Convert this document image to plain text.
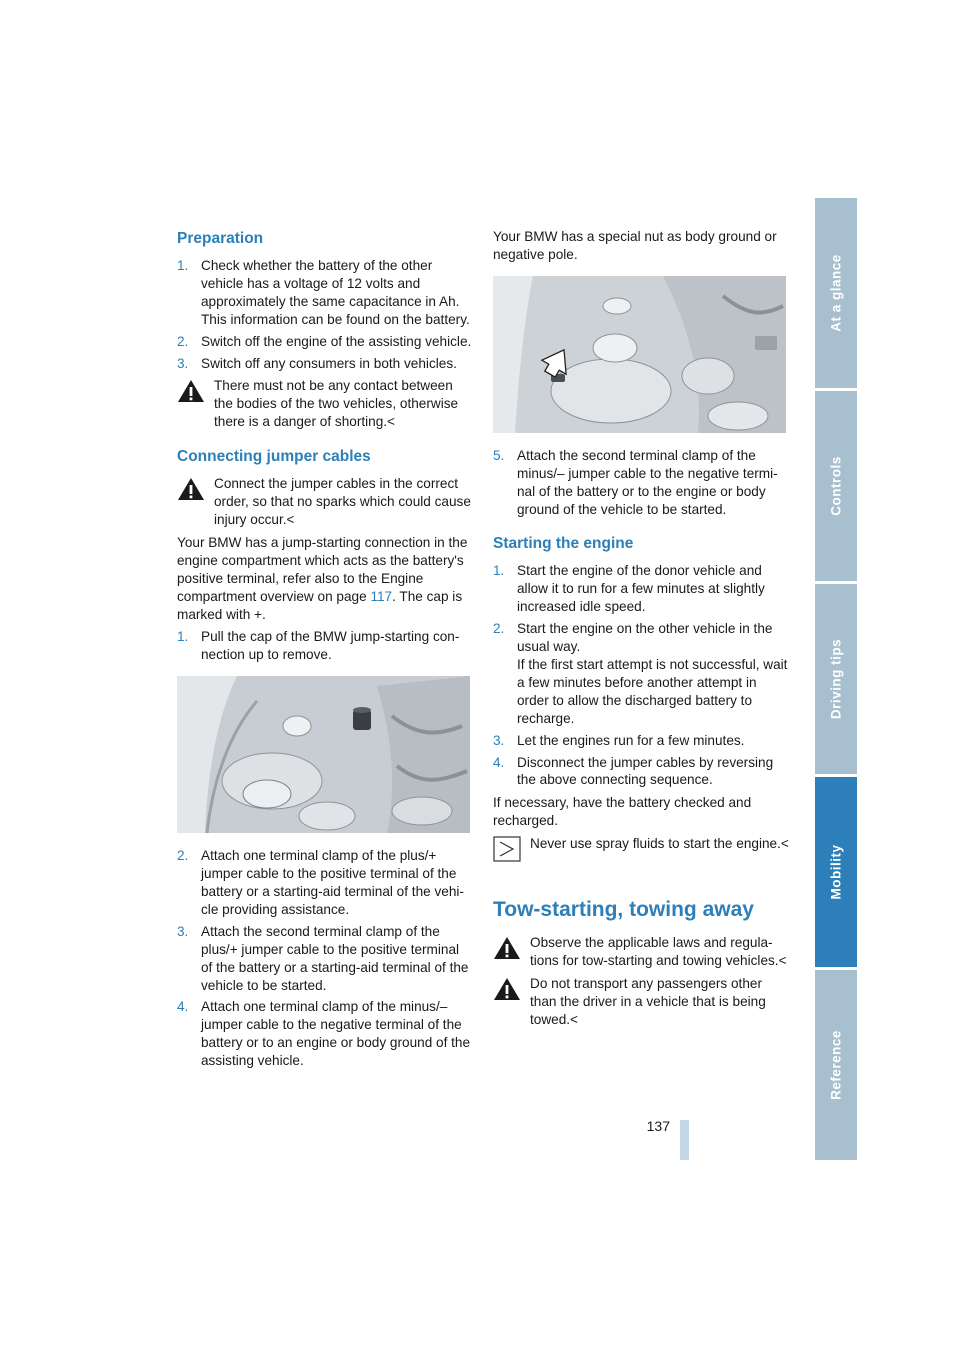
Preparation
1. Check whether the battery of the other vehicle has a voltage of 12 volts and approximately the same capacitance in Ah. This information can be found on the battery.
2. Switch off the engine of the assisting vehicle.
3. Switch off any consumers in both vehicles.
There must not be any contact between the bodies of the two vehicles, otherwise there is a danger of shorting.<
Connecting jumper cables
Connect the jumper cables in the correct order, so that no sparks which could cause injury occur.<

Your BMW has a jump-starting connection in the engine compartment which acts as the battery's positive terminal, refer also to the Engine compartment overview on page 117. The cap is marked with +.

1. Pull the cap of the BMW jump-starting connection up to remove.
2. Attach one terminal clamp of the plus/+ jumper cable to the positive terminal of the battery or a starting-aid terminal of the vehicle providing assistance.
3. Attach the second terminal clamp of the plus/+ jumper cable to the positive terminal of the battery or a starting-aid terminal of the vehicle to be started.
4. Attach one terminal clamp of the minus/– jumper cable to the negative terminal of the battery or to an engine or body ground of the assisting vehicle.

Your BMW has a special nut as body ground or negative pole.

5. Attach the second terminal clamp of the minus/– jumper cable to the negative terminal of the battery or to the engine or body ground of the vehicle to be started.
Starting the engine
1. Start the engine of the donor vehicle and allow it to run for a few minutes at slightly increased idle speed.
2. Start the engine on the other vehicle in the usual way.
If the first start attempt is not successful, wait a few minutes before another attempt in order to allow the discharged battery to recharge.
3. Let the engines run for a few minutes.
4. Disconnect the jumper cables by reversing the above connecting sequence.

If necessary, have the battery checked and recharged.

Never use spray fluids to start the engine.<
Tow-starting, towing away
Observe the applicable laws and regulations for tow-starting and towing vehicles.<
Do not transport any passengers other than the driver in a vehicle that is being towed.<
At a glance
Controls
Driving tips
Mobility
Reference
137
Online Edition for Part no. 01 41 0 014 960 - © 02/08 BMW AG
